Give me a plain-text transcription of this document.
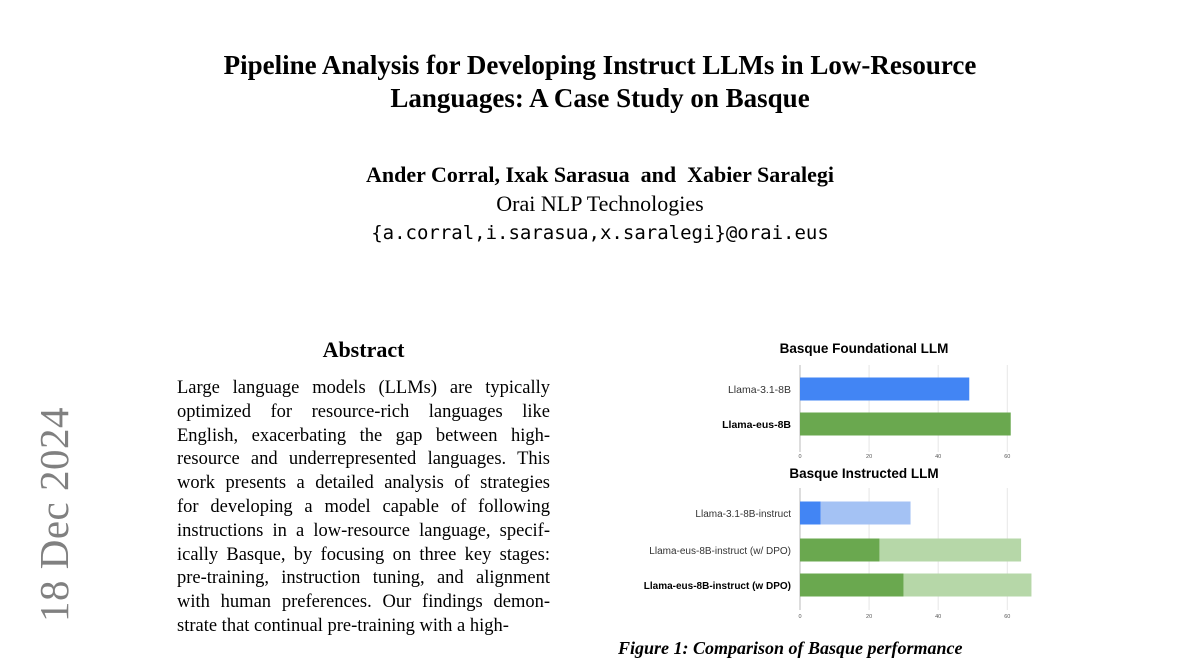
18 Dec 2024
Pipeline Analysis for Developing Instruct LLMs in Low-Resource
Languages: A Case Study on Basque
Ander Corral, Ixak Sarasua  and  Xabier Saralegi
Orai NLP Technologies
{a.corral,i.sarasua,x.saralegi}@orai.eus
Abstract
Large language models (LLMs) are typically
optimized for resource-rich languages like
English, exacerbating the gap between high-
resource and underrepresented languages. This
work presents a detailed analysis of strategies
for developing a model capable of following
instructions in a low-resource language, specif-
ically Basque, by focusing on three key stages:
pre-training, instruction tuning, and alignment
with human preferences. Our findings demon-
strate that continual pre-training with a high-
Basque Foundational LLM
0	20	40	60
Llama-3.1-8B
Llama-eus-8B
Basque Instructed LLM
0	20	40	60
Llama-3.1-8B-instruct
Llama-eus-8B-instruct (w/ DPO)
Llama-eus-8B-instruct (w DPO)
Figure 1: Comparison of Basque performance
